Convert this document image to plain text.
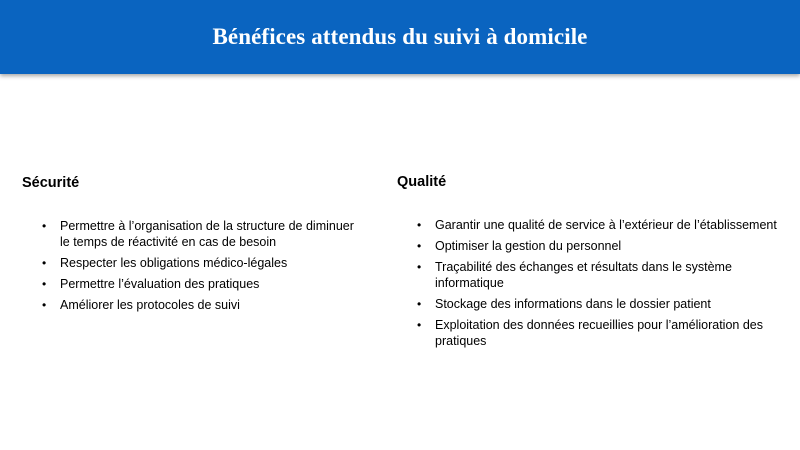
Bénéfices attendus du suivi à domicile
Sécurité
• Permettre à l’organisation de la structure de diminuer le temps de réactivité en cas de besoin
• Respecter les obligations médico-légales
• Permettre l’évaluation des pratiques
• Améliorer les protocoles de suivi
Qualité
• Garantir une qualité de service à l’extérieur de l’établissement
• Optimiser la gestion du personnel
• Traçabilité des échanges et résultats dans le système informatique
• Stockage des informations dans le dossier patient
• Exploitation des données recueillies pour l’amélioration des pratiques
